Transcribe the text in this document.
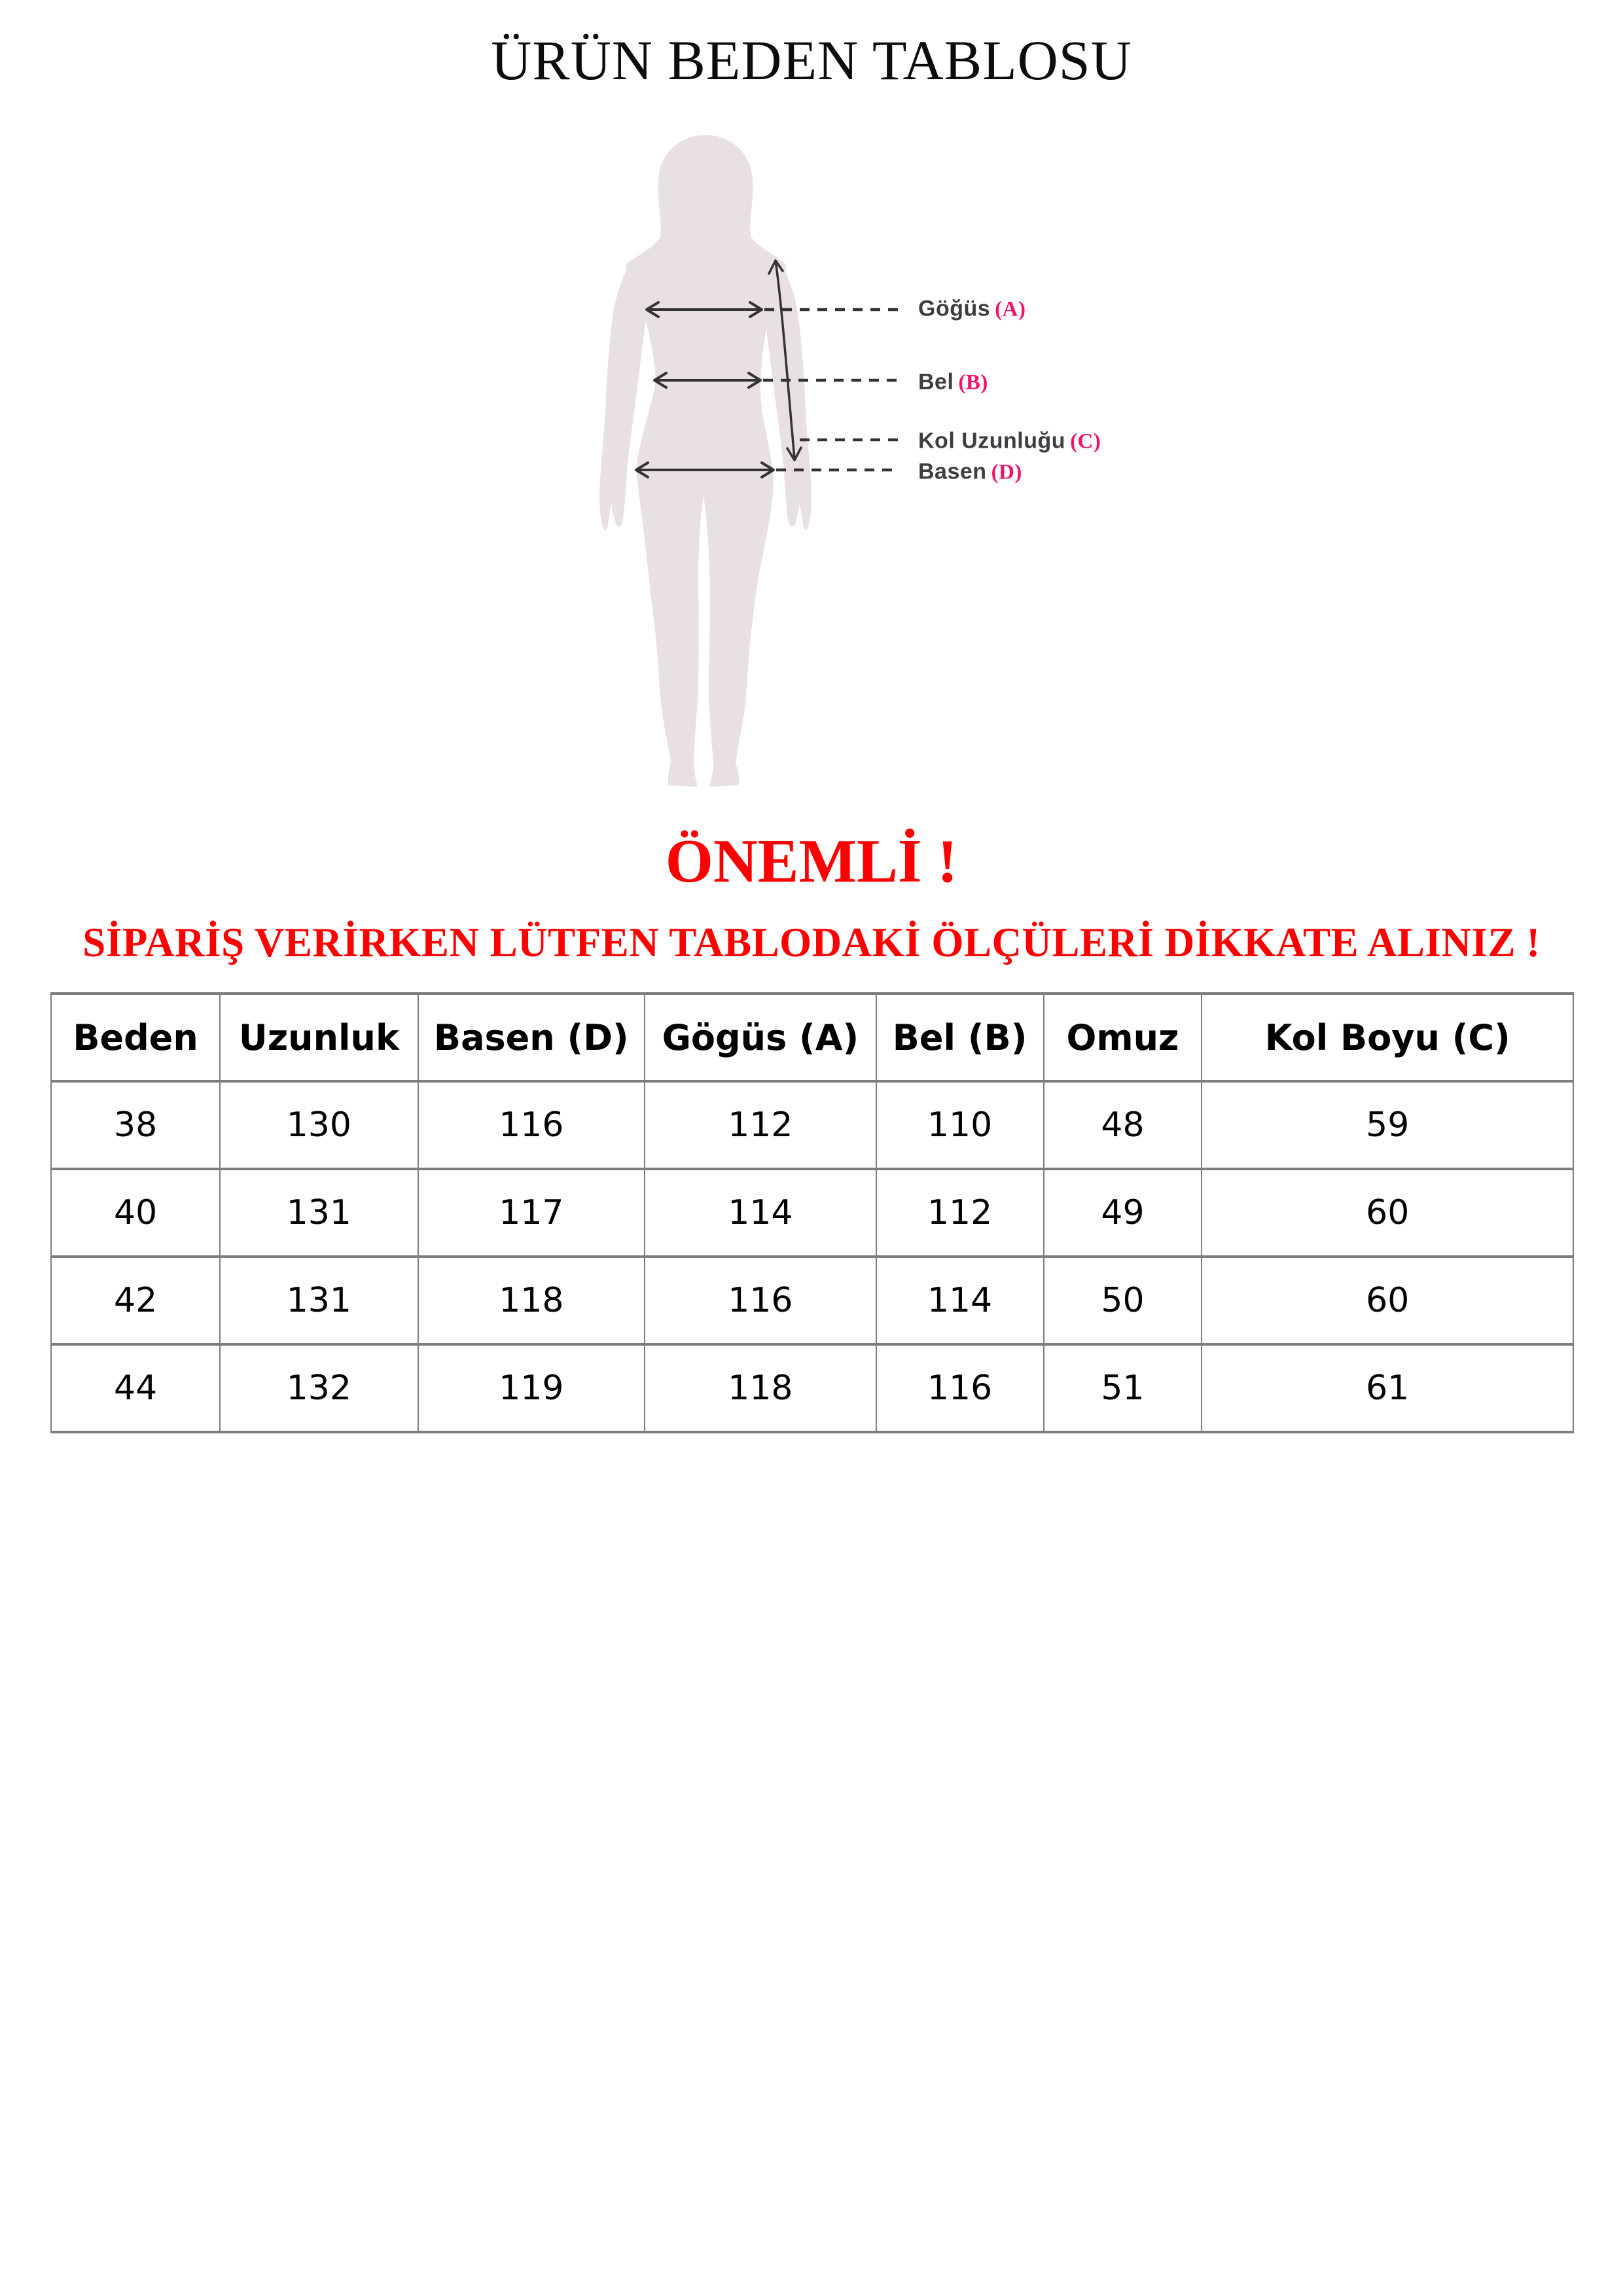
ÜRÜN BEDEN TABLOSU
Göğüs (A)
Bel (B)
Kol Uzunluğu (C)
Basen (D)
ÖNEMLİ !
SİPARİŞ VERİRKEN LÜTFEN TABLODAKİ ÖLÇÜLERİ DİKKATE ALINIZ !
Beden	Uzunluk	Basen (D)	Gögüs (A)	Bel (B)	Omuz	Kol Boyu (C)
38	130	116	112	110	48	59
40	131	117	114	112	49	60
42	131	118	116	114	50	60
44	132	119	118	116	51	61
